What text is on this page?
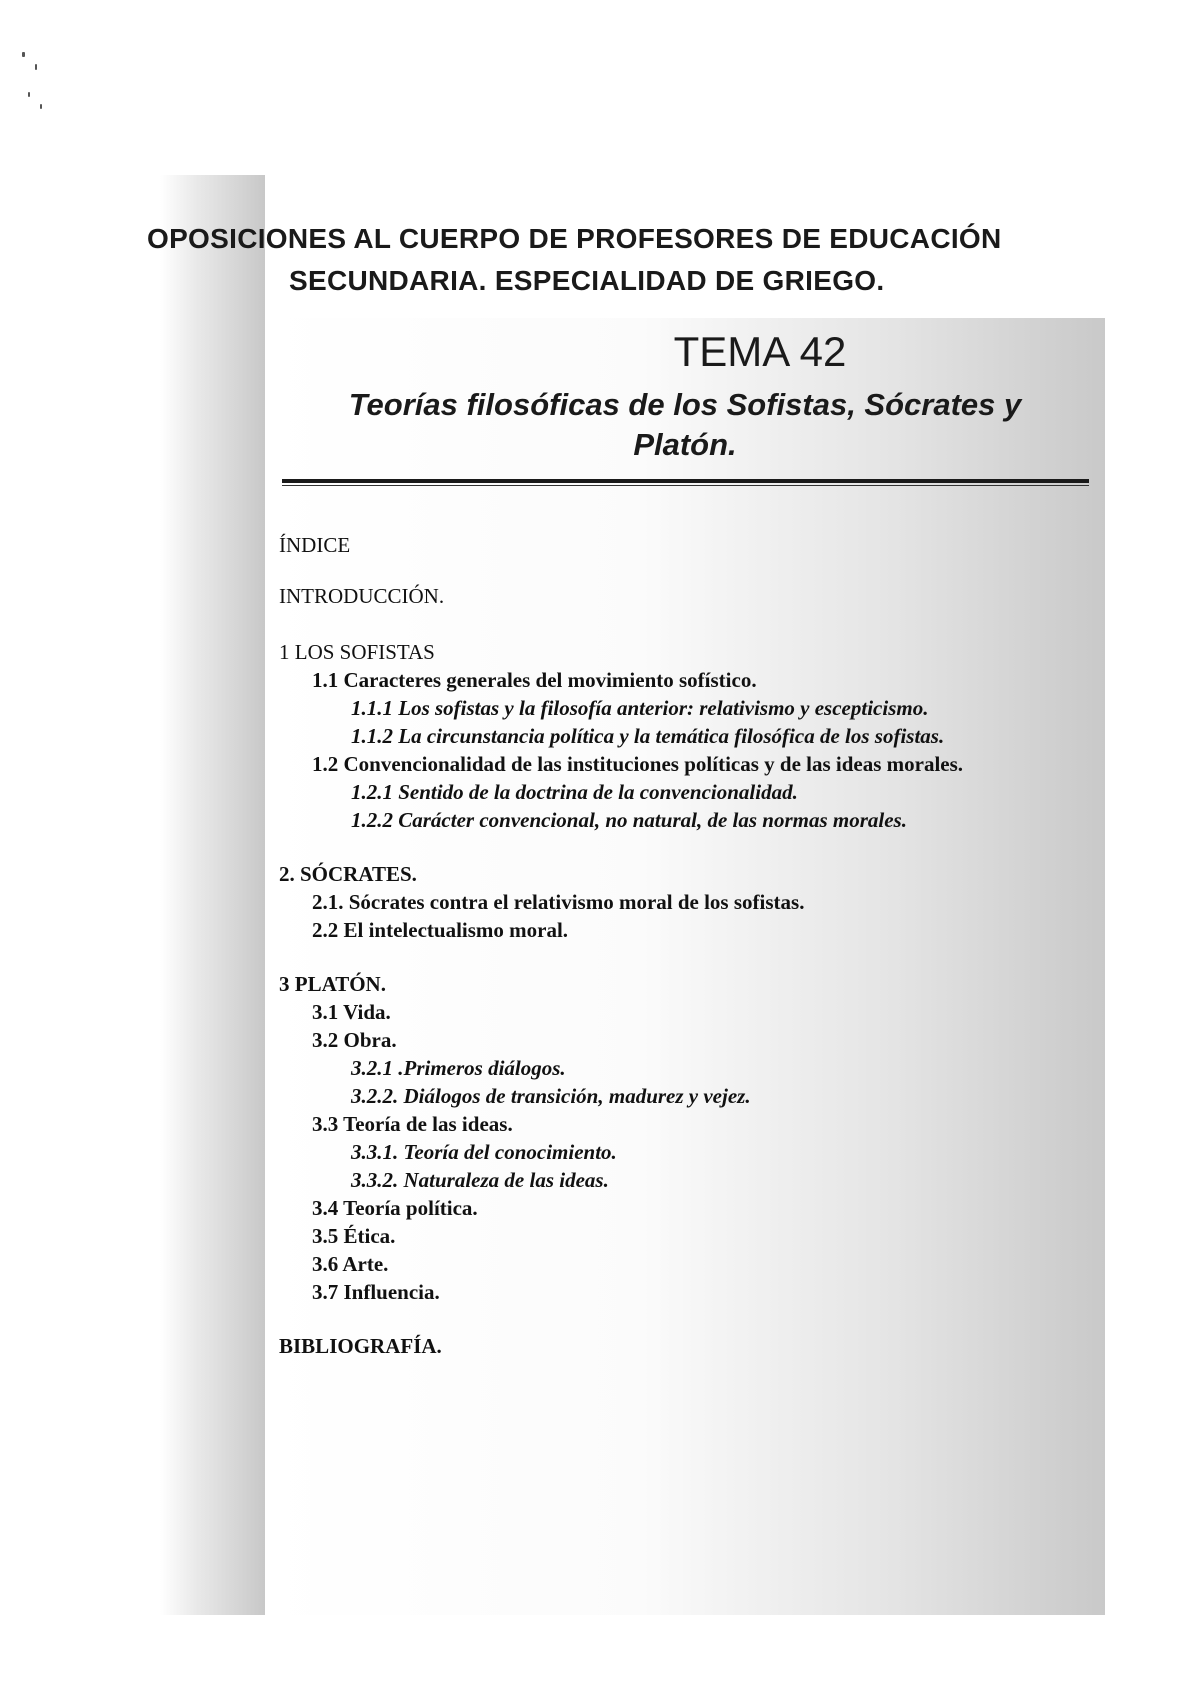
OPOSICIONES AL CUERPO DE PROFESORES DE EDUCACIÓN
SECUNDARIA. ESPECIALIDAD DE GRIEGO.
TEMA 42
Teorías filosóficas de los Sofistas, Sócrates y
Platón.
ÍNDICE
INTRODUCCIÓN.
1 LOS SOFISTAS
1.1 Caracteres generales del movimiento sofístico.
1.1.1 Los sofistas y la filosofía anterior: relativismo y escepticismo.
1.1.2 La circunstancia política y la temática filosófica de los sofistas.
1.2 Convencionalidad de las instituciones políticas y de las ideas morales.
1.2.1 Sentido de la doctrina de la convencionalidad.
1.2.2 Carácter convencional, no natural, de las normas morales.
2. SÓCRATES.
2.1. Sócrates contra el relativismo moral de los sofistas.
2.2 El intelectualismo moral.
3 PLATÓN.
3.1 Vida.
3.2 Obra.
3.2.1 .Primeros diálogos.
3.2.2. Diálogos de transición, madurez y vejez.
3.3 Teoría de las ideas.
3.3.1. Teoría del conocimiento.
3.3.2. Naturaleza de las ideas.
3.4 Teoría política.
3.5 Ética.
3.6 Arte.
3.7 Influencia.
BIBLIOGRAFÍA.
